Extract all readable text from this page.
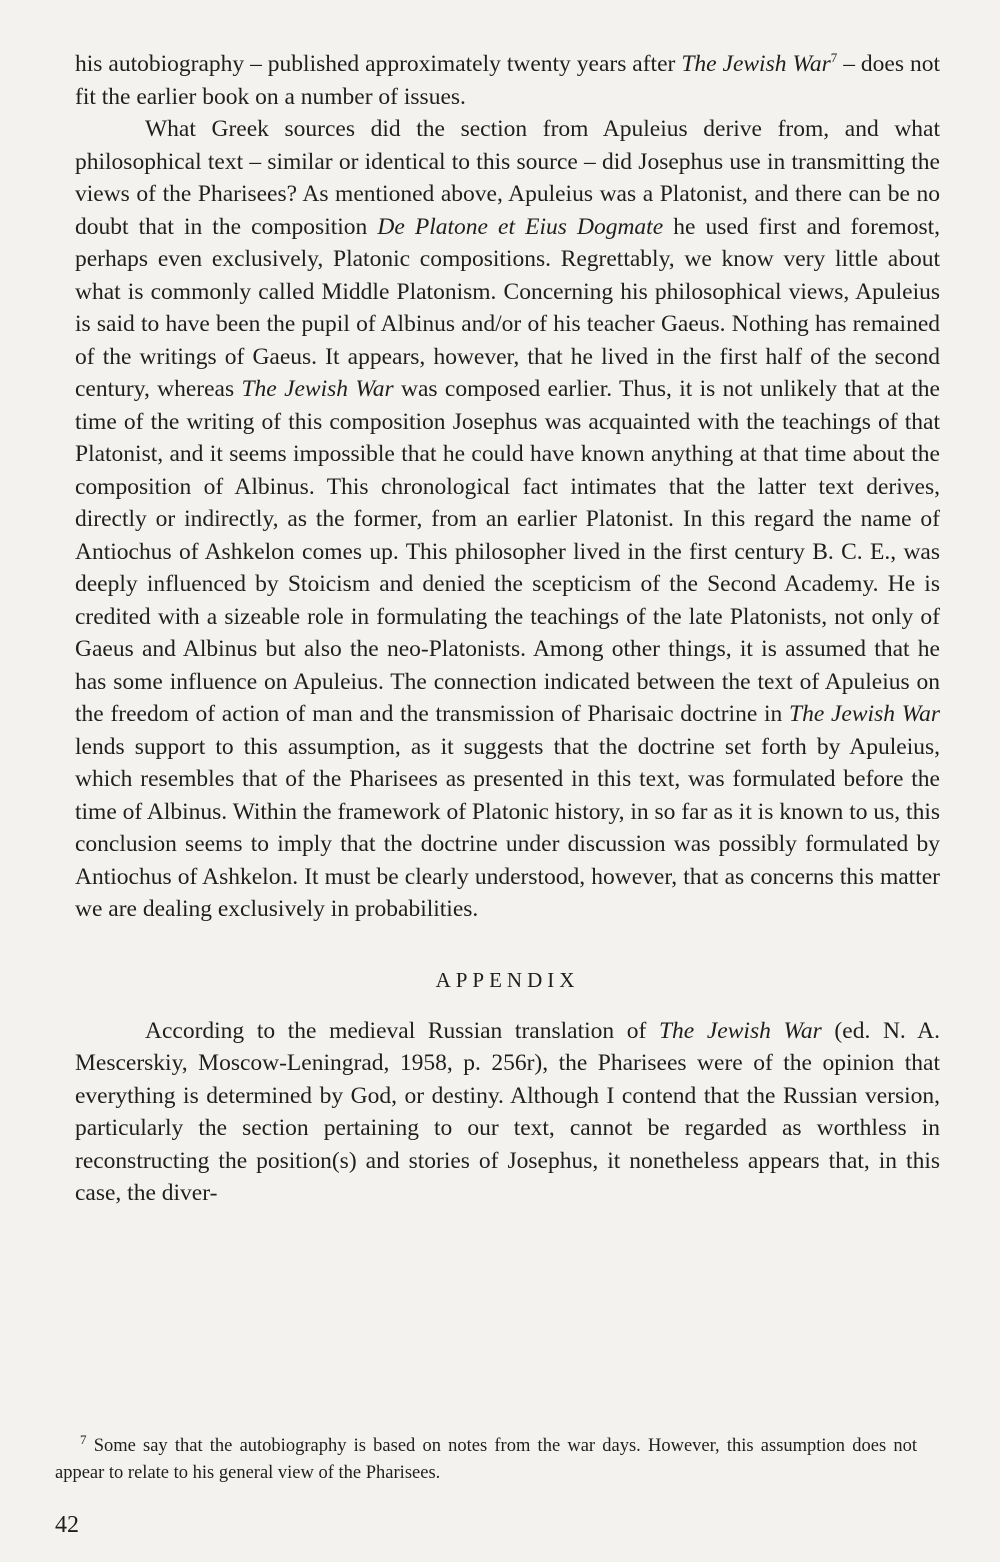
his autobiography – published approximately twenty years after The Jewish War$^7$ – does not fit the earlier book on a number of issues.

What Greek sources did the section from Apuleius derive from, and what philosophical text – similar or identical to this source – did Josephus use in transmitting the views of the Pharisees? As mentioned above, Apuleius was a Platonist, and there can be no doubt that in the composition De Platone et Eius Dogmate he used first and foremost, perhaps even exclusively, Platonic compositions. Regrettably, we know very little about what is commonly called Middle Platonism. Concerning his philosophical views, Apuleius is said to have been the pupil of Albinus and/or of his teacher Gaeus. Nothing has remained of the writings of Gaeus. It appears, however, that he lived in the first half of the second century, whereas The Jewish War was composed earlier. Thus, it is not unlikely that at the time of the writing of this composition Josephus was acquainted with the teachings of that Platonist, and it seems impossible that he could have known anything at that time about the composition of Albinus. This chronological fact intimates that the latter text derives, directly or indirectly, as the former, from an earlier Platonist. In this regard the name of Antiochus of Ashkelon comes up. This philosopher lived in the first century B. C. E., was deeply influenced by Stoicism and denied the scepticism of the Second Academy. He is credited with a sizeable role in formulating the teachings of the late Platonists, not only of Gaeus and Albinus but also the neo-Platonists. Among other things, it is assumed that he has some influence on Apuleius. The connection indicated between the text of Apuleius on the freedom of action of man and the transmission of Pharisaic doctrine in The Jewish War lends support to this assumption, as it suggests that the doctrine set forth by Apuleius, which resembles that of the Pharisees as presented in this text, was formulated before the time of Albinus. Within the framework of Platonic history, in so far as it is known to us, this conclusion seems to imply that the doctrine under discussion was possibly formulated by Antiochus of Ashkelon. It must be clearly understood, however, that as concerns this matter we are dealing exclusively in probabilities.

APPENDIX

According to the medieval Russian translation of The Jewish War (ed. N. A. Mescerskiy, Moscow-Leningrad, 1958, p. 256r), the Pharisees were of the opinion that everything is determined by God, or destiny. Although I contend that the Russian version, particularly the section pertaining to our text, cannot be regarded as worthless in reconstructing the position(s) and stories of Josephus, it nonetheless appears that, in this case, the diver-

$^7$ Some say that the autobiography is based on notes from the war days. However, this assumption does not appear to relate to his general view of the Pharisees.
42
